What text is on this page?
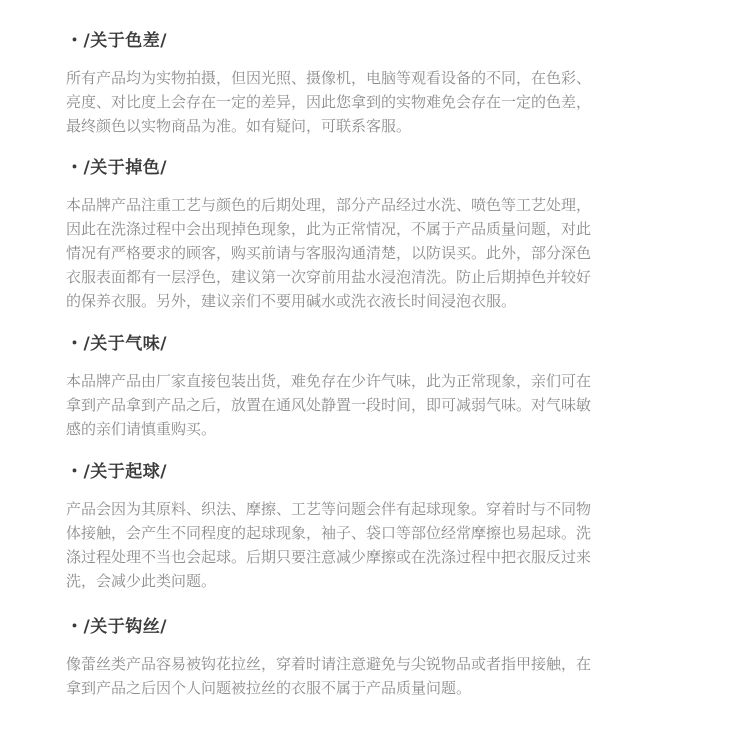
・/关于色差/

所有产品均为实物拍摄，但因光照、摄像机，电脑等观看设备的不同，在色彩、
亮度、对比度上会存在一定的差异，因此您拿到的实物难免会存在一定的色差，
最终颜色以实物商品为准。如有疑问，可联系客服。

・/关于掉色/

本品牌产品注重工艺与颜色的后期处理，部分产品经过水洗、喷色等工艺处理，
因此在洗涤过程中会出现掉色现象，此为正常情况，不属于产品质量问题，对此
情况有严格要求的顾客，购买前请与客服沟通清楚，以防误买。此外，部分深色
衣服表面都有一层浮色，建议第一次穿前用盐水浸泡清洗。防止后期掉色并较好
的保养衣服。另外，建议亲们不要用碱水或洗衣液长时间浸泡衣服。

・/关于气味/

本品牌产品由厂家直接包装出货，难免存在少许气味，此为正常现象，亲们可在
拿到产品拿到产品之后，放置在通风处静置一段时间，即可减弱气味。对气味敏
感的亲们请慎重购买。

・/关于起球/

产品会因为其原料、织法、摩擦、工艺等问题会伴有起球现象。穿着时与不同物
体接触，会产生不同程度的起球现象，袖子、袋口等部位经常摩擦也易起球。洗
涤过程处理不当也会起球。后期只要注意减少摩擦或在洗涤过程中把衣服反过来
洗，会减少此类问题。

・/关于钩丝/

像蕾丝类产品容易被钩花拉丝，穿着时请注意避免与尖锐物品或者指甲接触，在
拿到产品之后因个人问题被拉丝的衣服不属于产品质量问题。
